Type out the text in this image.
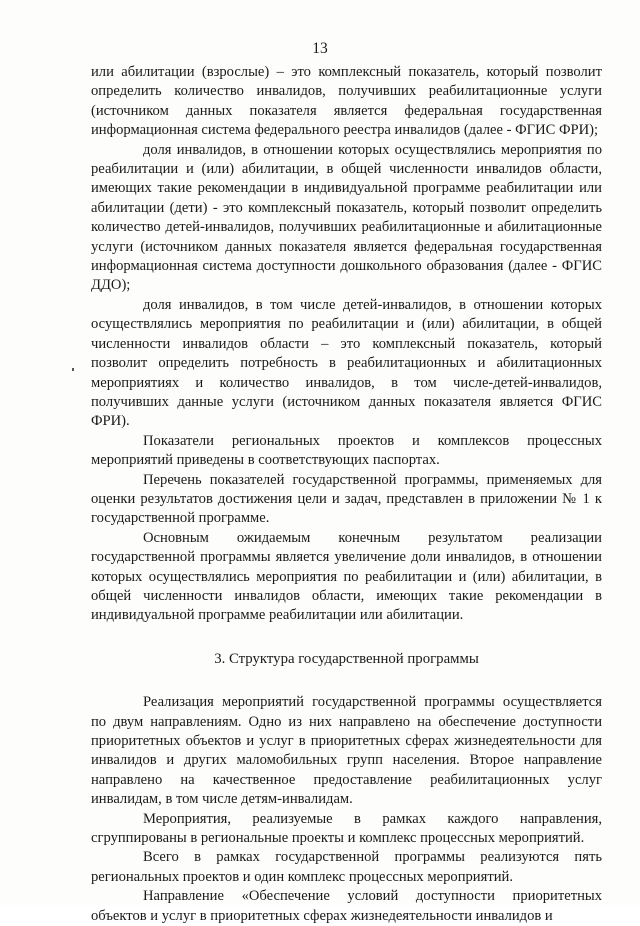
13

или абилитации (взрослые) – это комплексный показатель, который позволит определить количество инвалидов, получивших реабилитационные услуги (источником данных показателя является федеральная государственная информационная система федерального реестра инвалидов (далее - ФГИС ФРИ);

доля инвалидов, в отношении которых осуществлялись мероприятия по реабилитации и (или) абилитации, в общей численности инвалидов области, имеющих такие рекомендации в индивидуальной программе реабилитации или абилитации (дети) - это комплексный показатель, который позволит определить количество детей-инвалидов, получивших реабилитационные и абилитационные услуги (источником данных показателя является федеральная государственная информационная система доступности дошкольного образования (далее - ФГИС ДДО);

доля инвалидов, в том числе детей-инвалидов, в отношении которых осуществлялись мероприятия по реабилитации и (или) абилитации, в общей численности инвалидов области – это комплексный показатель, который позволит определить потребность в реабилитационных и абилитационных мероприятиях и количество инвалидов, в том числе-детей-инвалидов, получивших данные услуги (источником данных показателя является ФГИС ФРИ).

Показатели региональных проектов и комплексов процессных мероприятий приведены в соответствующих паспортах.

Перечень показателей государственной программы, применяемых для оценки результатов достижения цели и задач, представлен в приложении № 1 к государственной программе.

Основным ожидаемым конечным результатом реализации государственной программы является увеличение доли инвалидов, в отношении которых осуществлялись мероприятия по реабилитации и (или) абилитации, в общей численности инвалидов области, имеющих такие рекомендации в индивидуальной программе реабилитации или абилитации.

3. Структура государственной программы

Реализация мероприятий государственной программы осуществляется по двум направлениям. Одно из них направлено на обеспечение доступности приоритетных объектов и услуг в приоритетных сферах жизнедеятельности для инвалидов и других маломобильных групп населения. Второе направление направлено на качественное предоставление реабилитационных услуг инвалидам, в том числе детям-инвалидам.

Мероприятия, реализуемые в рамках каждого направления, сгруппированы в региональные проекты и комплекс процессных мероприятий.

Всего в рамках государственной программы реализуются пять региональных проектов и один комплекс процессных мероприятий.

Направление «Обеспечение условий доступности приоритетных объектов и услуг в приоритетных сферах жизнедеятельности инвалидов и
